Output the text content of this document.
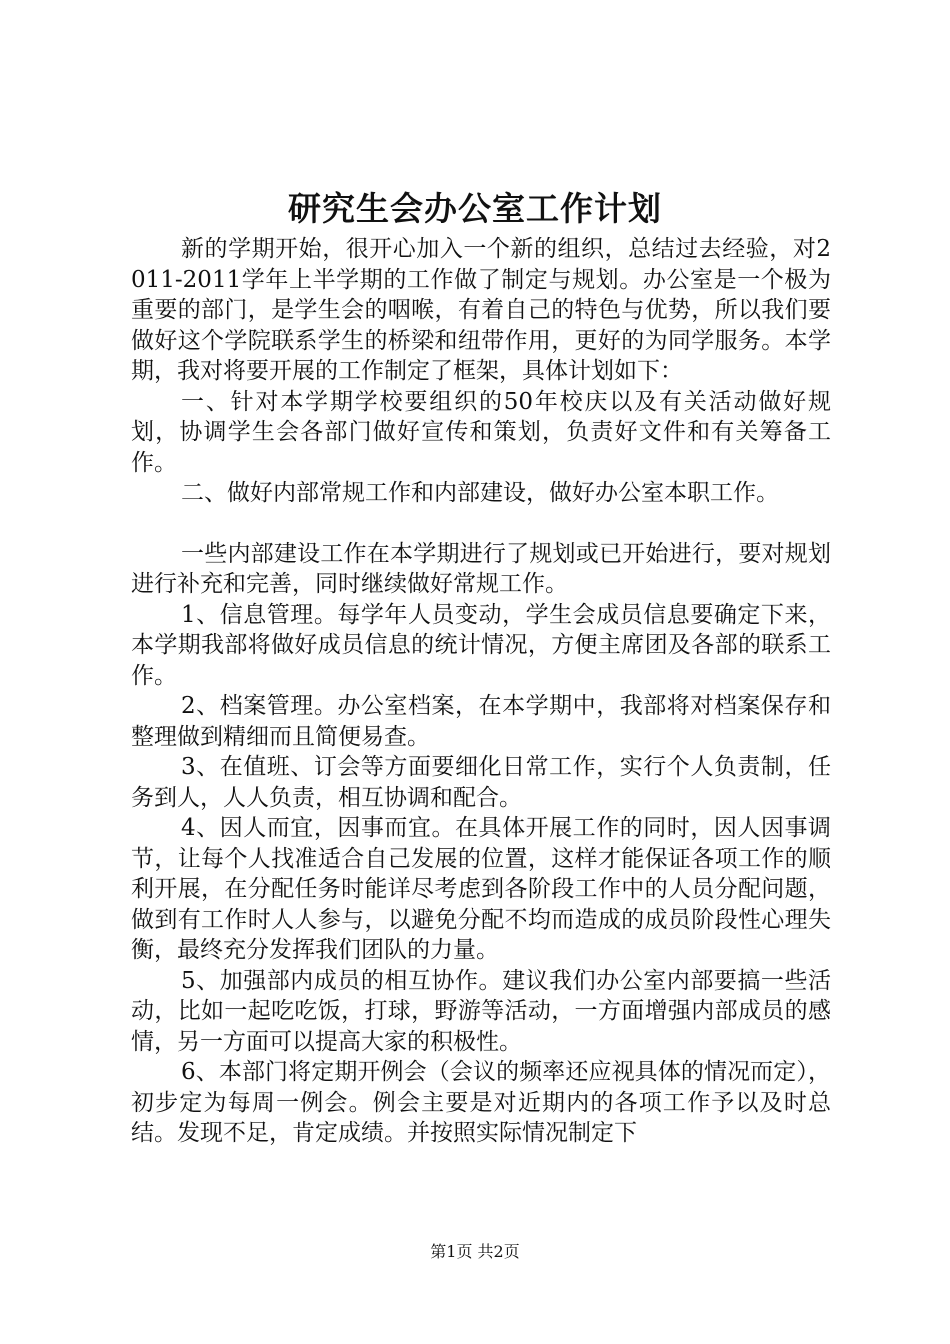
研究生会办公室工作计划

新的学期开始，很开心加入一个新的组织，总结过去经验，对2011-2011学年上半学期的工作做了制定与规划。办公室是一个极为重要的部门，是学生会的咽喉，有着自己的特色与优势，所以我们要做好这个学院联系学生的桥梁和纽带作用，更好的为同学服务。本学期，我对将要开展的工作制定了框架，具体计划如下：

一、针对本学期学校要组织的50年校庆以及有关活动做好规划，协调学生会各部门做好宣传和策划，负责好文件和有关筹备工作。

二、做好内部常规工作和内部建设，做好办公室本职工作。

一些内部建设工作在本学期进行了规划或已开始进行，要对规划进行补充和完善，同时继续做好常规工作。

1、信息管理。每学年人员变动，学生会成员信息要确定下来，本学期我部将做好成员信息的统计情况，方便主席团及各部的联系工作。

2、档案管理。办公室档案，在本学期中，我部将对档案保存和整理做到精细而且简便易查。

3、在值班、订会等方面要细化日常工作，实行个人负责制，任务到人，人人负责，相互协调和配合。

4、因人而宜，因事而宜。在具体开展工作的同时，因人因事调节，让每个人找准适合自己发展的位置，这样才能保证各项工作的顺利开展，在分配任务时能详尽考虑到各阶段工作中的人员分配问题，做到有工作时人人参与，以避免分配不均而造成的成员阶段性心理失衡，最终充分发挥我们团队的力量。

5、加强部内成员的相互协作。建议我们办公室内部要搞一些活动，比如一起吃吃饭，打球，野游等活动，一方面增强内部成员的感情，另一方面可以提高大家的积极性。

6、本部门将定期开例会（会议的频率还应视具体的情况而定），初步定为每周一例会。例会主要是对近期内的各项工作予以及时总结。发现不足，肯定成绩。并按照实际情况制定下

第1页 共2页
